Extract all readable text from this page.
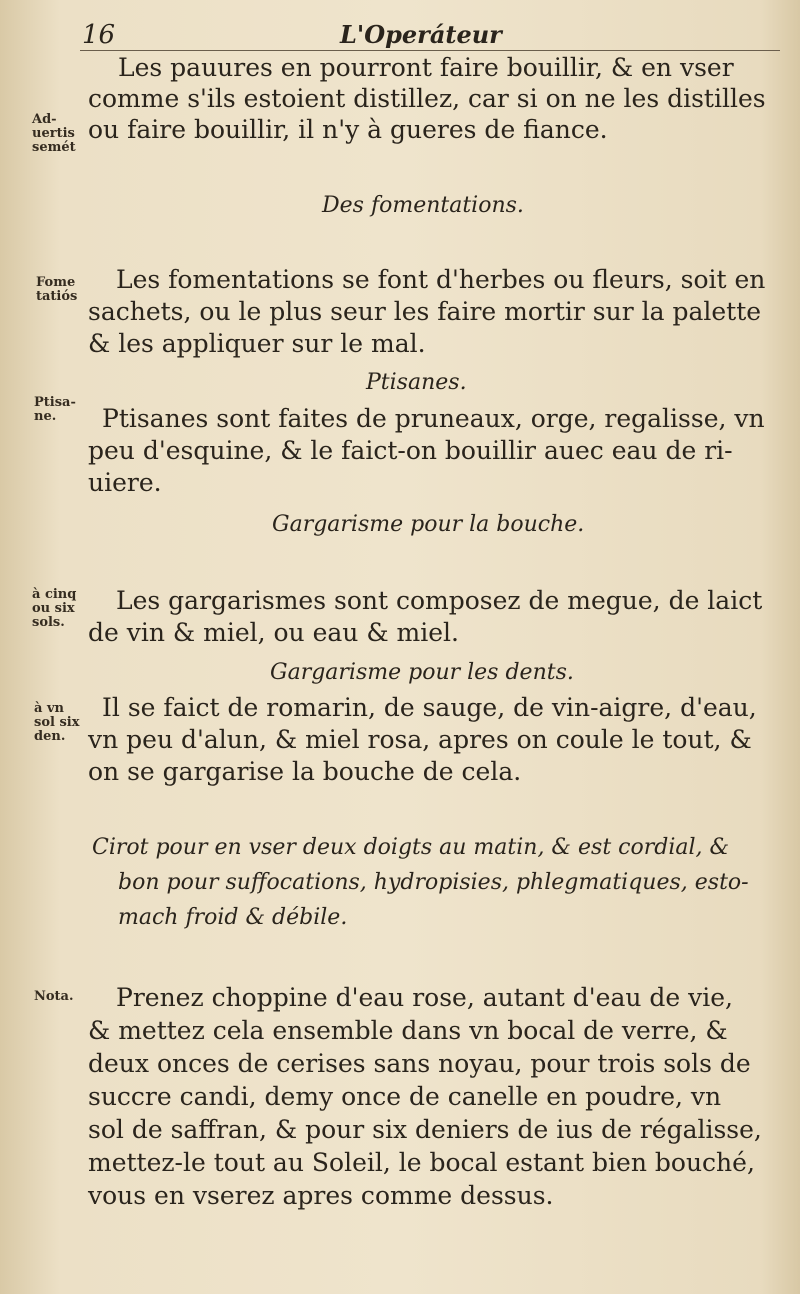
16	L'Operáteur
Les pauures en pourront faire bouillir, & en vser
comme s'ils estoient distillez, car si on ne les distilles
ou faire bouillir, il n'y à gueres de fiance.
Les fomentations se font d'herbes ou fleurs, soit en
sachets, ou le plus seur les faire mortir sur la palette
& les appliquer sur le mal.
Ptisanes sont faites de pruneaux, orge, regalisse, vn
peu d'esquine, & le faict-on bouillir auec eau de ri-
uiere.
Les gargarismes sont composez de megue, de laict
de vin & miel, ou eau & miel.
Il se faict de romarin, de sauge, de vin-aigre, d'eau,
vn peu d'alun, & miel rosa, apres on coule le tout, &
on se gargarise la bouche de cela.
Prenez choppine d'eau rose, autant d'eau de vie,
& mettez cela ensemble dans vn bocal de verre, &
deux onces de cerises sans noyau, pour trois sols de
succre candi, demy once de canelle en poudre, vn
sol de saffran, & pour six deniers de ius de régalisse,
mettez-le tout au Soleil, le bocal estant bien bouché,
vous en vserez apres comme dessus.
Des fomentations.
Ptisanes.
Gargarisme pour la bouche.
Gargarisme pour les dents.
Cirot pour en vser deux doigts au matin, & est cordial, &
bon pour suffocations, hydropisies, phlegmatiques, esto-
mach froid & débile.
Ad-
uertis
semét
Fome
tatiós
Ptisa-
ne.
à cinq
ou six
sols.
à vn
sol six
den.
Nota.
